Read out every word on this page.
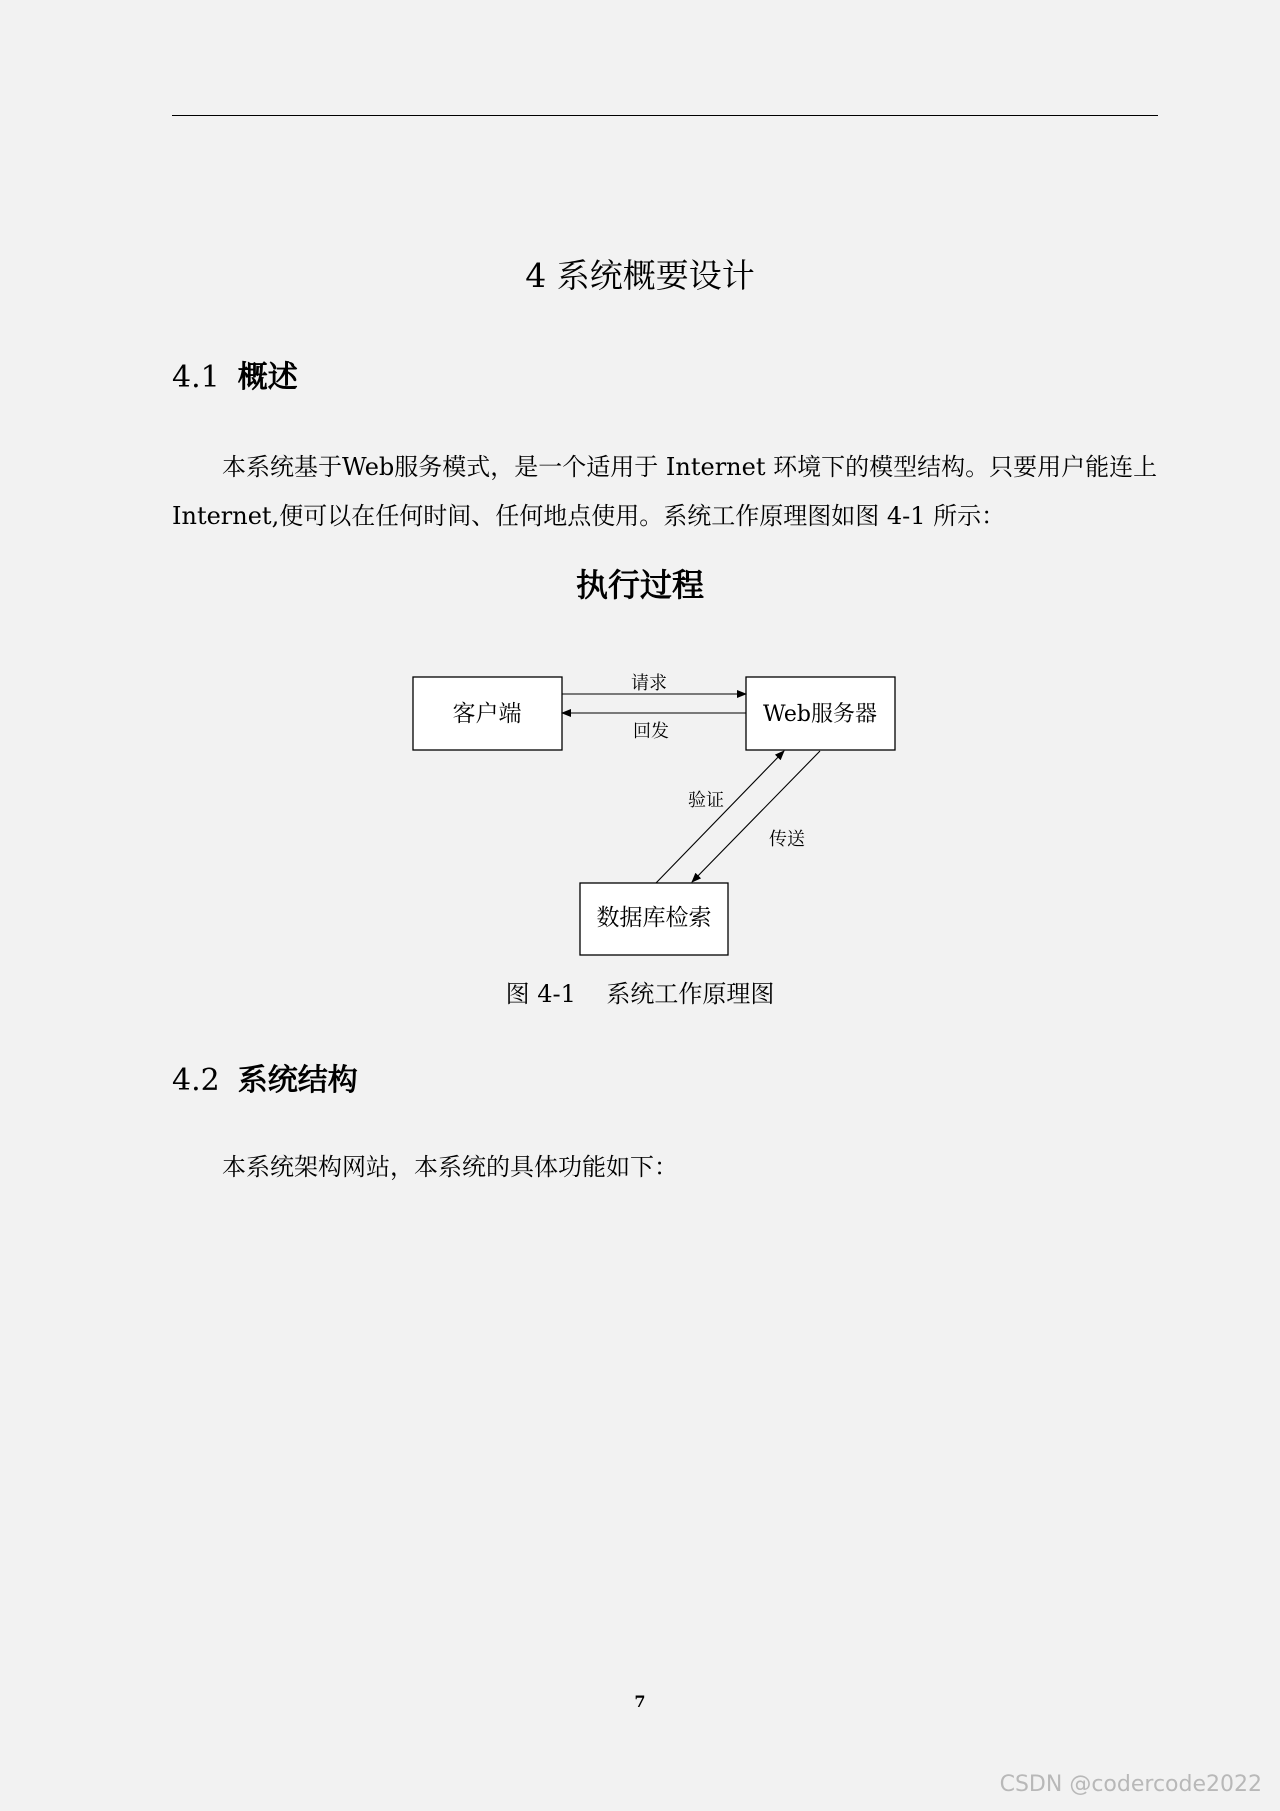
4 系统概要设计
4.1 概述
本系统基于Web服务模式，是一个适用于 Internet 环境下的模型结构。只要用户能连上 Internet,便可以在任何时间、任何地点使用。系统工作原理图如图 4-1 所示：
执行过程
客户端	Web服务器
数据库检索
请求
回发
验证
传送
图 4-1    系统工作原理图
4.2 系统结构
本系统架构网站，本系统的具体功能如下：
7
CSDN @codercode2022
